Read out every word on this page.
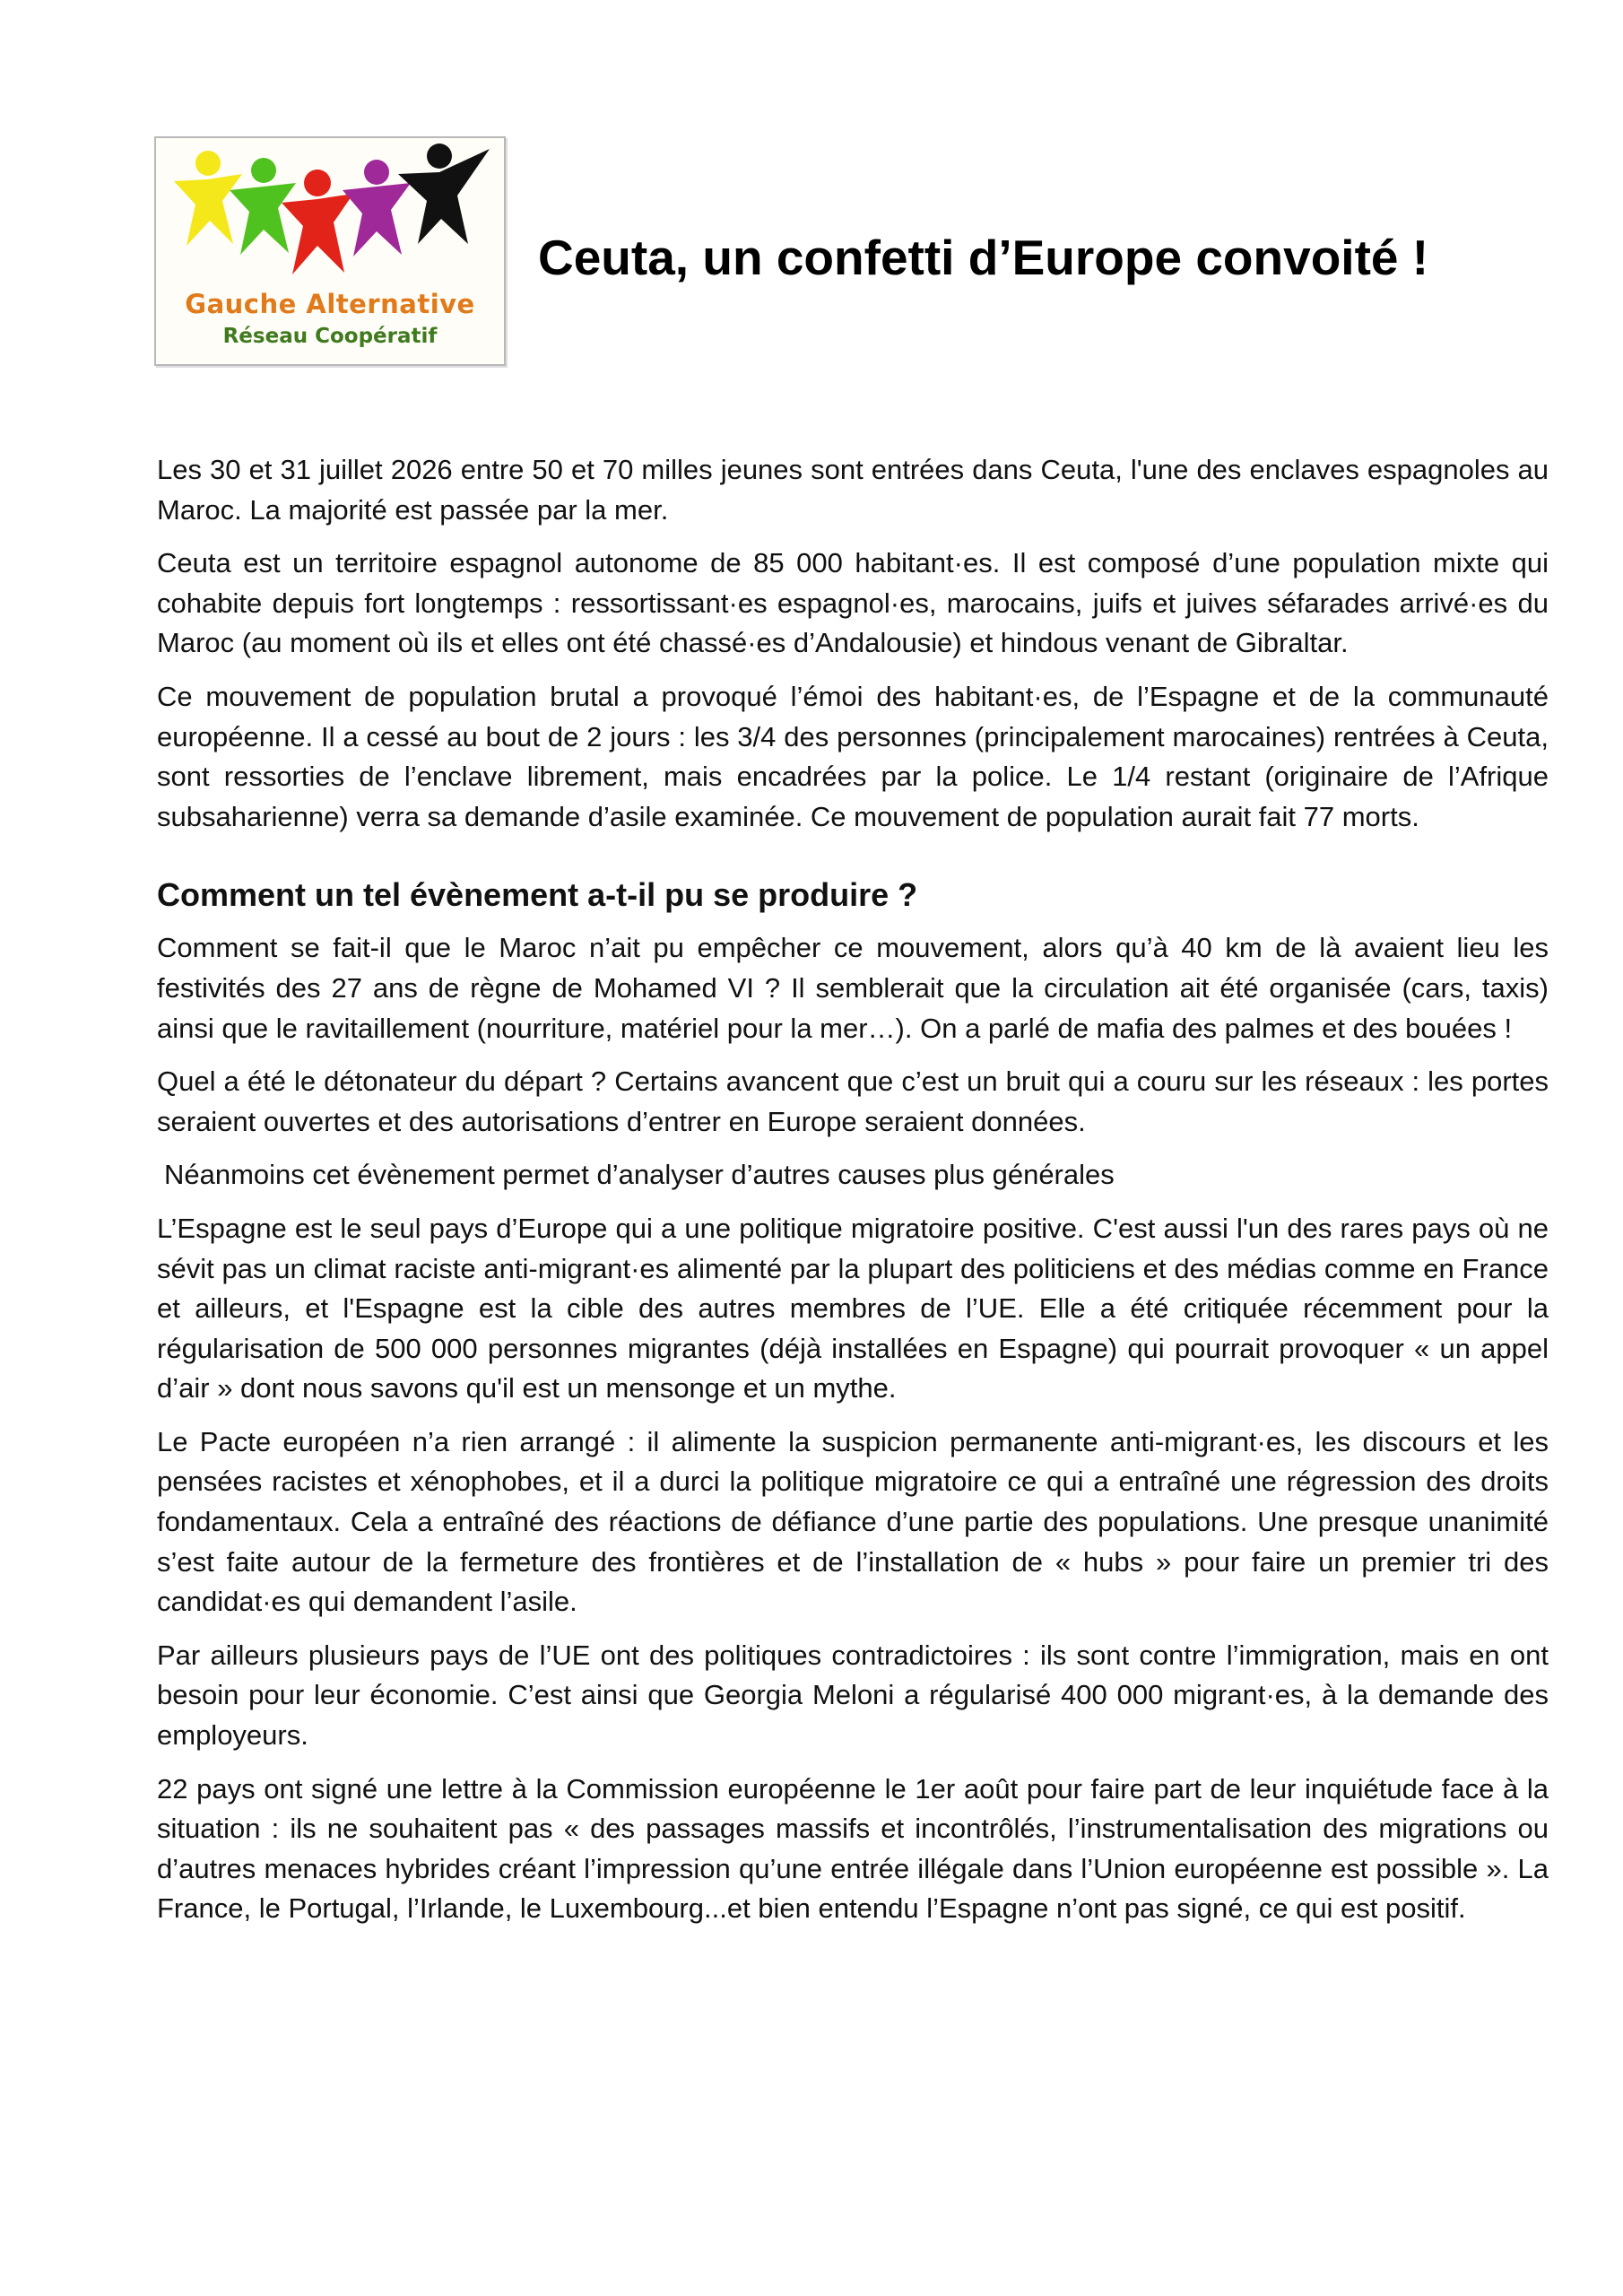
Gauche Alternative
Réseau Coopératif
Ceuta, un confetti d’Europe convoité !

Les 30 et 31 juillet 2026 entre 50 et 70 milles jeunes sont entrées dans Ceuta, l'une des enclaves espagnoles au Maroc. La majorité est passée par la mer.

Ceuta est un territoire espagnol autonome de 85 000 habitant·es. Il est composé d’une population mixte qui cohabite depuis fort longtemps : ressortissant·es espagnol·es, marocains, juifs et juives séfarades arrivé·es du Maroc (au moment où ils et elles ont été chassé·es d’Andalousie) et hindous venant de Gibraltar.

Ce mouvement de population brutal a provoqué l’émoi des habitant·es, de l’Espagne et de la communauté européenne. Il a cessé au bout de 2 jours : les 3/4 des personnes (principalement marocaines) rentrées à Ceuta, sont ressorties de l’enclave librement, mais encadrées par la police. Le 1/4 restant (originaire de l’Afrique subsaharienne) verra sa demande d’asile examinée. Ce mouvement de population aurait fait 77 morts.

Comment un tel évènement a-t-il pu se produire ?

Comment se fait-il que le Maroc n’ait pu empêcher ce mouvement, alors qu’à 40 km de là avaient lieu les festivités des 27 ans de règne de Mohamed VI ? Il semblerait que la circulation ait été organisée (cars, taxis) ainsi que le ravitaillement (nourriture, matériel pour la mer…). On a parlé de mafia des palmes et des bouées !

Quel a été le détonateur du départ ? Certains avancent que c’est un bruit qui a couru sur les réseaux : les portes seraient ouvertes et des autorisations d’entrer en Europe seraient données.

Néanmoins cet évènement permet d’analyser d’autres causes plus générales

L’Espagne est le seul pays d’Europe qui a une politique migratoire positive. C'est aussi l'un des rares pays où ne sévit pas un climat raciste anti-migrant·es alimenté par la plupart des politiciens et des médias comme en France et ailleurs, et l'Espagne est la cible des autres membres de l’UE. Elle a été critiquée récemment pour la régularisation de 500 000 personnes migrantes (déjà installées en Espagne) qui pourrait provoquer « un appel d’air » dont nous savons qu'il est un mensonge et un mythe.

Le Pacte européen n’a rien arrangé : il alimente la suspicion permanente anti-migrant·es, les discours et les pensées racistes et xénophobes, et il a durci la politique migratoire ce qui a entraîné une régression des droits fondamentaux. Cela a entraîné des réactions de défiance d’une partie des populations. Une presque unanimité s’est faite autour de la fermeture des frontières et de l’installation de « hubs » pour faire un premier tri des candidat·es qui demandent l’asile.

Par ailleurs plusieurs pays de l’UE ont des politiques contradictoires : ils sont contre l’immigration, mais en ont besoin pour leur économie. C’est ainsi que Georgia Meloni a régularisé 400 000 migrant·es, à la demande des employeurs.

22 pays ont signé une lettre à la Commission européenne le 1er août pour faire part de leur inquiétude face à la situation : ils ne souhaitent pas « des passages massifs et incontrôlés, l’instrumentalisation des migrations ou d’autres menaces hybrides créant l’impression qu’une entrée illégale dans l’Union européenne est possible ». La France, le Portugal, l’Irlande, le Luxembourg...et bien entendu l’Espagne n’ont pas signé, ce qui est positif.
